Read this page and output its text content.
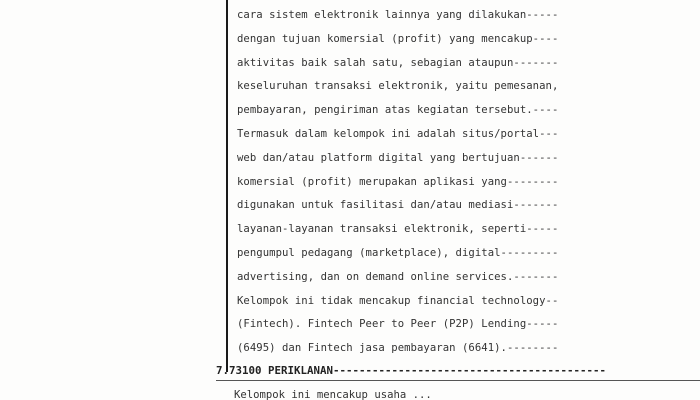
cara sistem elektronik lainnya yang dilakukan-----
dengan tujuan komersial (profit) yang mencakup----
aktivitas baik salah satu, sebagian ataupun-------
keseluruhan transaksi elektronik, yaitu pemesanan,
pembayaran, pengiriman atas kegiatan tersebut.----
Termasuk dalam kelompok ini adalah situs/portal---
web dan/atau platform digital yang bertujuan------
komersial (profit) merupakan aplikasi yang--------
digunakan untuk fasilitasi dan/atau mediasi-------
layanan-layanan transaksi elektronik, seperti-----
pengumpul pedagang (marketplace), digital---------
advertising, dan on demand online services.-------
Kelompok ini tidak mencakup financial technology--
(Fintech). Fintech Peer to Peer (P2P) Lending-----
(6495) dan Fintech jasa pembayaran (6641).--------
7.73100 PERIKLANAN------------------------------------------
Kelompok ini mencakup usaha ...
